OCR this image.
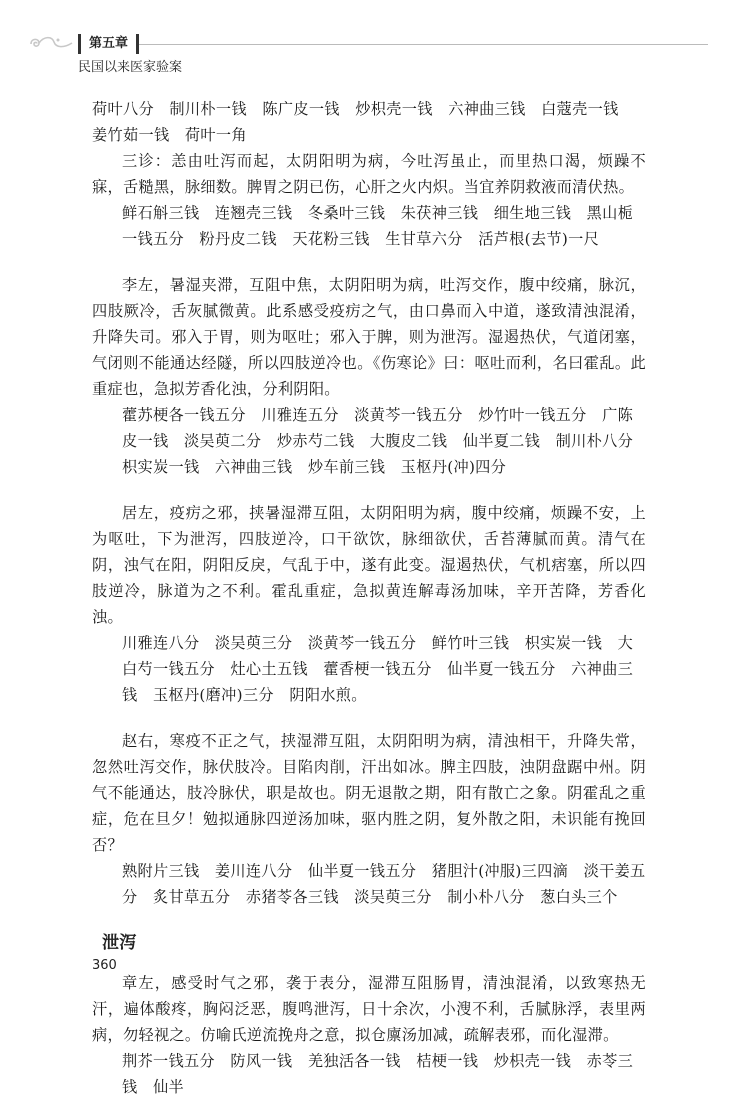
第五章
民国以来医家验案
荷叶八分　制川朴一钱　陈广皮一钱　炒枳壳一钱　六神曲三钱　白蔻壳一钱　姜竹茹一钱　荷叶一角
三诊：恙由吐泻而起，太阴阳明为病，今吐泻虽止，而里热口渴，烦躁不寐，舌糙黑，脉细数。脾胃之阴已伤，心肝之火内炽。当宜养阴救液而清伏热。
鲜石斛三钱　连翘壳三钱　冬桑叶三钱　朱茯神三钱　细生地三钱　黑山栀一钱五分　粉丹皮二钱　天花粉三钱　生甘草六分　活芦根(去节)一尺
李左，暑湿夹滞，互阻中焦，太阴阳明为病，吐泻交作，腹中绞痛，脉沉，四肢厥冷，舌灰腻微黄。此系感受疫疠之气，由口鼻而入中道，遂致清浊混淆，升降失司。邪入于胃，则为呕吐；邪入于脾，则为泄泻。湿遏热伏，气道闭塞，气闭则不能通达经隧，所以四肢逆冷也。《伤寒论》曰：呕吐而利，名曰霍乱。此重症也，急拟芳香化浊，分利阴阳。
藿苏梗各一钱五分　川雅连五分　淡黄芩一钱五分　炒竹叶一钱五分　广陈皮一钱　淡吴萸二分　炒赤芍二钱　大腹皮二钱　仙半夏二钱　制川朴八分　枳实炭一钱　六神曲三钱　炒车前三钱　玉枢丹(冲)四分
居左，疫疠之邪，挟暑湿滞互阻，太阴阳明为病，腹中绞痛，烦躁不安，上为呕吐，下为泄泻，四肢逆冷，口干欲饮，脉细欲伏，舌苔薄腻而黄。清气在阴，浊气在阳，阴阳反戾，气乱于中，遂有此变。湿遏热伏，气机痞塞，所以四肢逆冷，脉道为之不利。霍乱重症，急拟黄连解毒汤加味，辛开苦降，芳香化浊。
川雅连八分　淡吴萸三分　淡黄芩一钱五分　鲜竹叶三钱　枳实炭一钱　大白芍一钱五分　灶心土五钱　藿香梗一钱五分　仙半夏一钱五分　六神曲三钱　玉枢丹(磨冲)三分　阴阳水煎。
赵右，寒疫不正之气，挟湿滞互阻，太阴阳明为病，清浊相干，升降失常，忽然吐泻交作，脉伏肢冷。目陷肉削，汗出如冰。脾主四肢，浊阴盘踞中州。阴气不能通达，肢冷脉伏，职是故也。阴无退散之期，阳有散亡之象。阴霍乱之重症，危在旦夕！勉拟通脉四逆汤加味，驱内胜之阴，复外散之阳，未识能有挽回否？
熟附片三钱　姜川连八分　仙半夏一钱五分　猪胆汁(冲服)三四滴　淡干姜五分　炙甘草五分　赤猪苓各三钱　淡吴萸三分　制小朴八分　葱白头三个
泄泻
章左，感受时气之邪，袭于表分，湿滞互阻肠胃，清浊混淆，以致寒热无汗，遍体酸疼，胸闷泛恶，腹鸣泄泻，日十余次，小溲不利，舌腻脉浮，表里两病，勿轻视之。仿喻氏逆流挽舟之意，拟仓廪汤加减，疏解表邪，而化湿滞。
荆芥一钱五分　防风一钱　羌独活各一钱　桔梗一钱　炒枳壳一钱　赤苓三钱　仙半
360
